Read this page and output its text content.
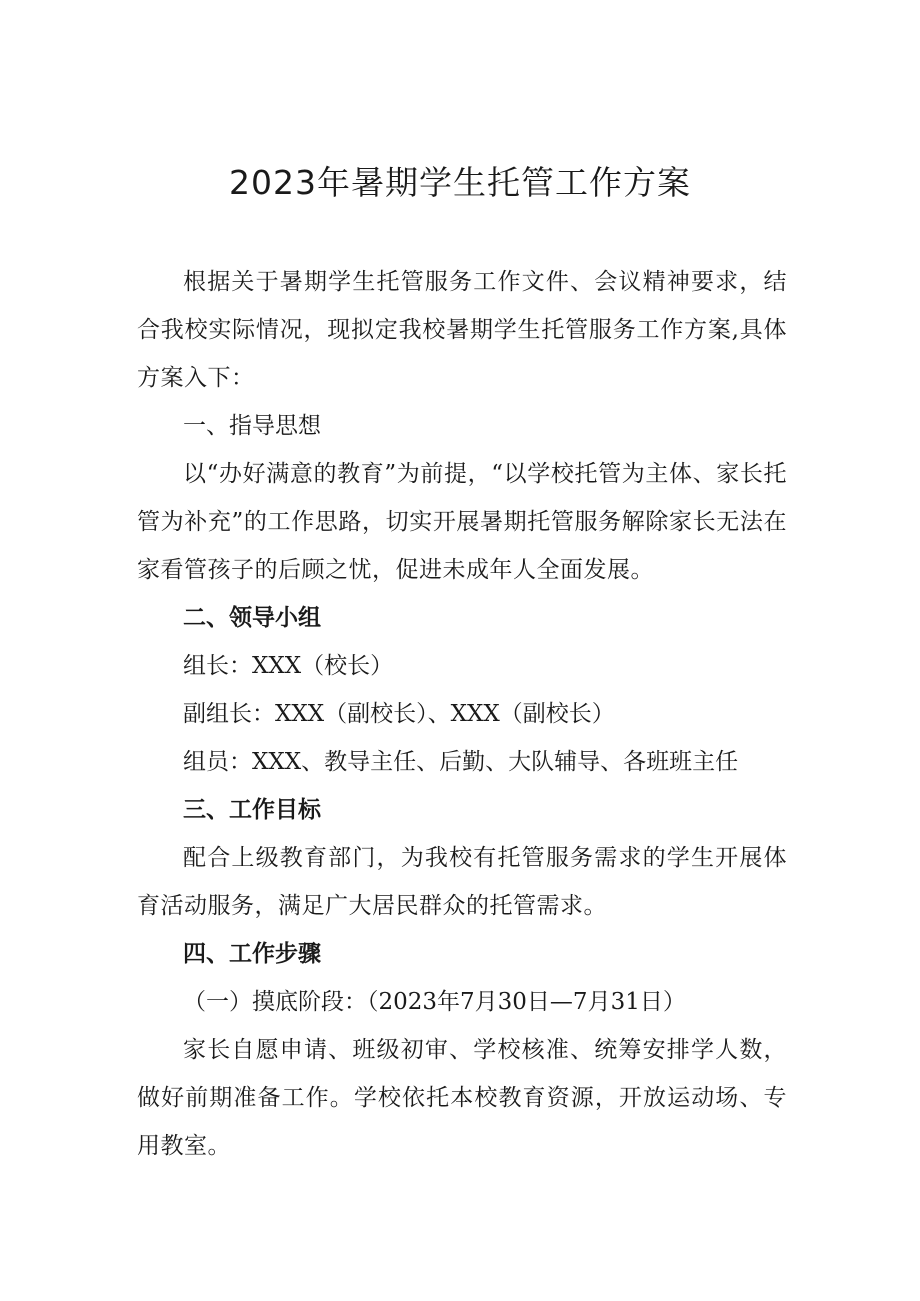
2023年暑期学生托管工作方案

根据关于暑期学生托管服务工作文件、会议精神要求，结合我校实际情况，现拟定我校暑期学生托管服务工作方案,具体方案入下：

一、指导思想

以“办好满意的教育”为前提，“以学校托管为主体、家长托管为补充”的工作思路，切实开展暑期托管服务解除家长无法在家看管孩子的后顾之忧，促进未成年人全面发展。

二、领导小组

组长：XXX（校长）

副组长：XXX（副校长）、XXX（副校长）

组员：XXX、教导主任、后勤、大队辅导、各班班主任

三、工作目标

配合上级教育部门，为我校有托管服务需求的学生开展体育活动服务，满足广大居民群众的托管需求。

四、工作步骤

（一）摸底阶段：（2023年7月30日—7月31日）

家长自愿申请、班级初审、学校核准、统筹安排学人数，做好前期准备工作。学校依托本校教育资源，开放运动场、专用教室。
